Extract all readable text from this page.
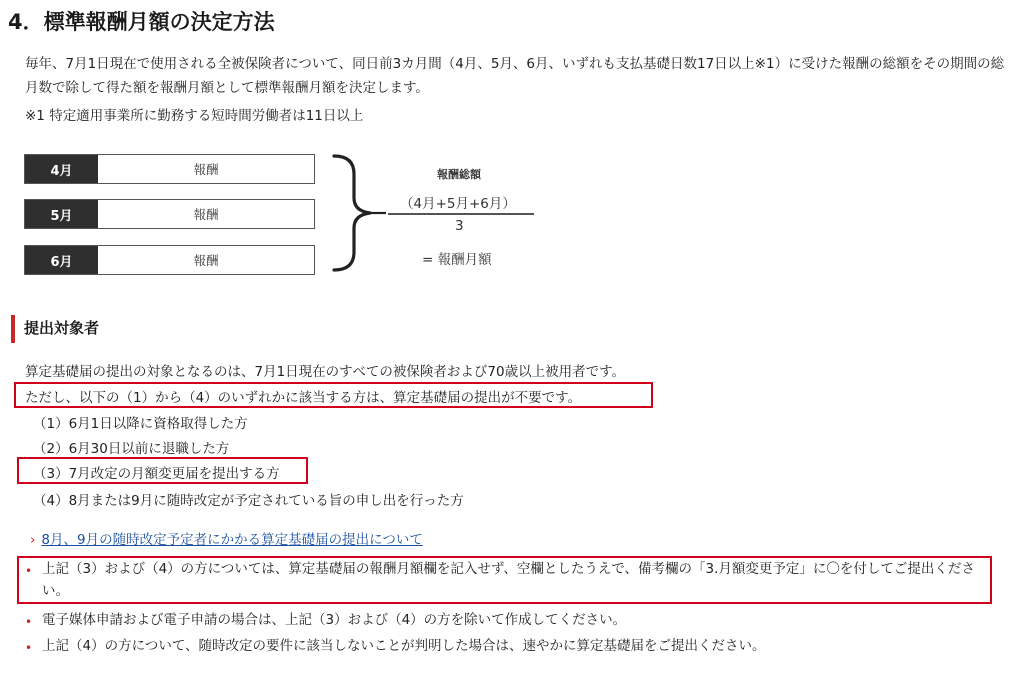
4．標準報酬月額の決定方法
毎年、7月1日現在で使用される全被保険者について、同日前3カ月間（4月、5月、6月、いずれも支払基礎日数17日以上※1）に受けた報酬の総額をその期間の総月数で除して得た額を報酬月額として標準報酬月額を決定します。
※1 特定適用事業所に勤務する短時間労働者は11日以上
4月	報酬
5月	報酬
6月	報酬
報酬総額
（4月+5月+6月）
3
= 報酬月額
提出対象者
算定基礎届の提出の対象となるのは、7月1日現在のすべての被保険者および70歳以上被用者です。
ただし、以下の（1）から（4）のいずれかに該当する方は、算定基礎届の提出が不要です。
（1）6月1日以降に資格取得した方
（2）6月30日以前に退職した方
（3）7月改定の月額変更届を提出する方
（4）8月または9月に随時改定が予定されている旨の申し出を行った方
› 8月、9月の随時改定予定者にかかる算定基礎届の提出について
• 上記（3）および（4）の方については、算定基礎届の報酬月額欄を記入せず、空欄としたうえで、備考欄の「3.月額変更予定」に〇を付してご提出ください。
• 電子媒体申請および電子申請の場合は、上記（3）および（4）の方を除いて作成してください。
• 上記（4）の方について、随時改定の要件に該当しないことが判明した場合は、速やかに算定基礎届をご提出ください。
